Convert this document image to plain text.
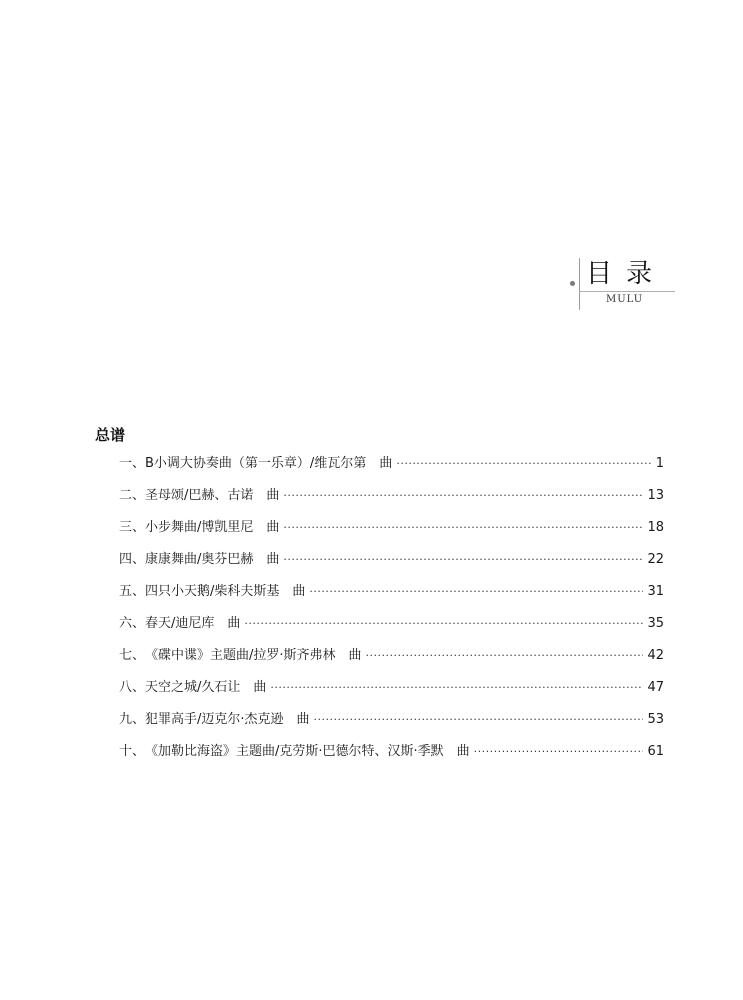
目录
MULU
总谱
一、 B小调大协奏曲（第一乐章）/维瓦尔第　曲 ·····	1
二、 圣母颂/巴赫、古诺　曲 ·····	13
三、 小步舞曲/博凯里尼　曲 ·····	18
四、 康康舞曲/奥芬巴赫　曲 ·····	22
五、 四只小天鹅/柴科夫斯基　曲 ·····	31
六、 春天/迪尼库　曲 ·····	35
七、 《碟中谍》主题曲/拉罗·斯齐弗林　曲 ·····	42
八、 天空之城/久石让　曲 ·····	47
九、 犯罪高手/迈克尔·杰克逊　曲 ·····	53
十、 《加勒比海盗》主题曲/克劳斯·巴德尔特、汉斯·季默　曲 ·····	61
